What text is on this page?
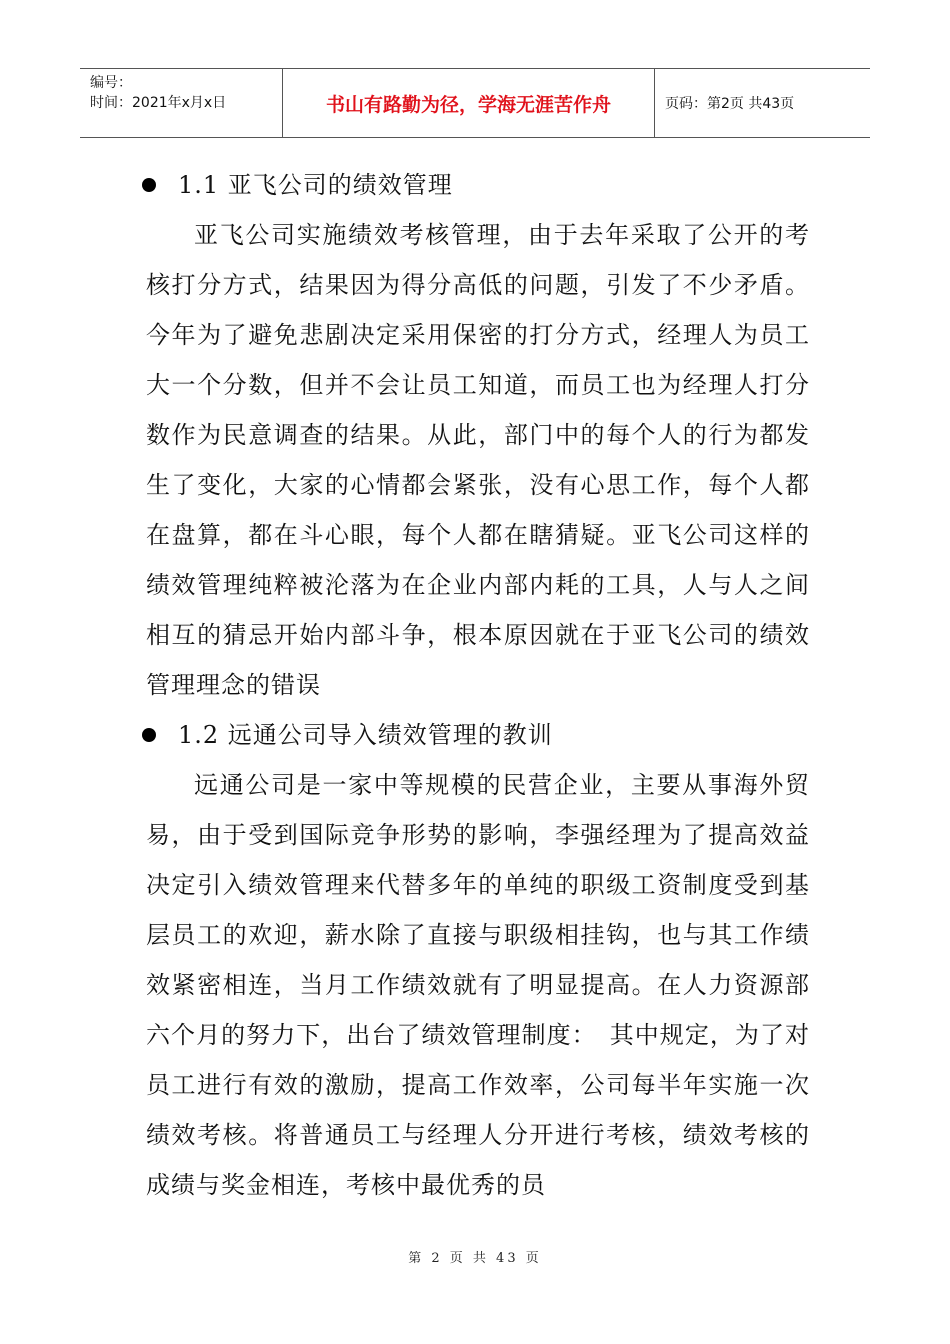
编号：
时间：2021年x月x日	书山有路勤为径，学海无涯苦作舟	页码：第2页 共43页
1.1 亚飞公司的绩效管理

亚飞公司实施绩效考核管理，由于去年采取了公开的考核打分方式，结果因为得分高低的问题，引发了不少矛盾。今年为了避免悲剧决定采用保密的打分方式，经理人为员工大一个分数，但并不会让员工知道，而员工也为经理人打分数作为民意调查的结果。从此，部门中的每个人的行为都发生了变化，大家的心情都会紧张，没有心思工作，每个人都在盘算，都在斗心眼，每个人都在瞎猜疑。亚飞公司这样的绩效管理纯粹被沦落为在企业内部内耗的工具，人与人之间相互的猜忌开始内部斗争，根本原因就在于亚飞公司的绩效管理理念的错误

1.2 远通公司导入绩效管理的教训

远通公司是一家中等规模的民营企业，主要从事海外贸易，由于受到国际竞争形势的影响，李强经理为了提高效益决定引入绩效管理来代替多年的单纯的职级工资制度受到基层员工的欢迎，薪水除了直接与职级相挂钩，也与其工作绩效紧密相连，当月工作绩效就有了明显提高。在人力资源部六个月的努力下，出台了绩效管理制度：　其中规定，为了对员工进行有效的激励，提高工作效率，公司每半年实施一次绩效考核。将普通员工与经理人分开进行考核，绩效考核的成绩与奖金相连，考核中最优秀的员

第 2 页 共 43 页
